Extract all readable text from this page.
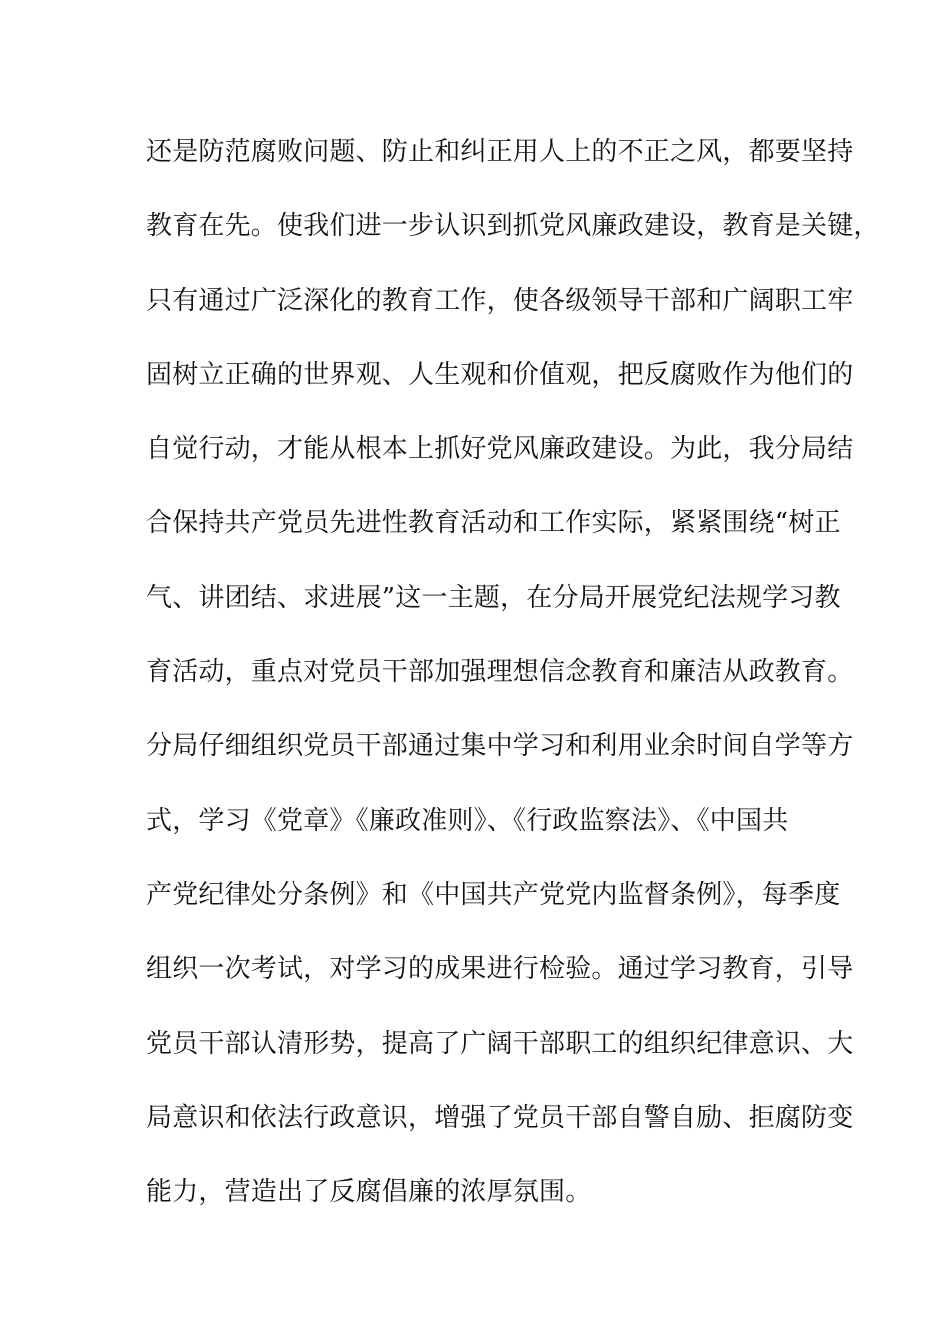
还是防范腐败问题、防止和纠正用人上的不正之风，都要坚持
教育在先。使我们进一步认识到抓党风廉政建设，教育是关键，
只有通过广泛深化的教育工作，使各级领导干部和广阔职工牢
固树立正确的世界观、人生观和价值观，把反腐败作为他们的
自觉行动，才能从根本上抓好党风廉政建设。为此，我分局结
合保持共产党员先进性教育活动和工作实际，紧紧围绕“树正
气、讲团结、求进展”这一主题，在分局开展党纪法规学习教
育活动，重点对党员干部加强理想信念教育和廉洁从政教育。
分局仔细组织党员干部通过集中学习和利用业余时间自学等方
式，学习《党章》《廉政准则》、《行政监察法》、《中国共
产党纪律处分条例》和《中国共产党党内监督条例》，每季度
组织一次考试，对学习的成果进行检验。通过学习教育，引导
党员干部认清形势，提高了广阔干部职工的组织纪律意识、大
局意识和依法行政意识，增强了党员干部自警自励、拒腐防变
能力，营造出了反腐倡廉的浓厚氛围。
